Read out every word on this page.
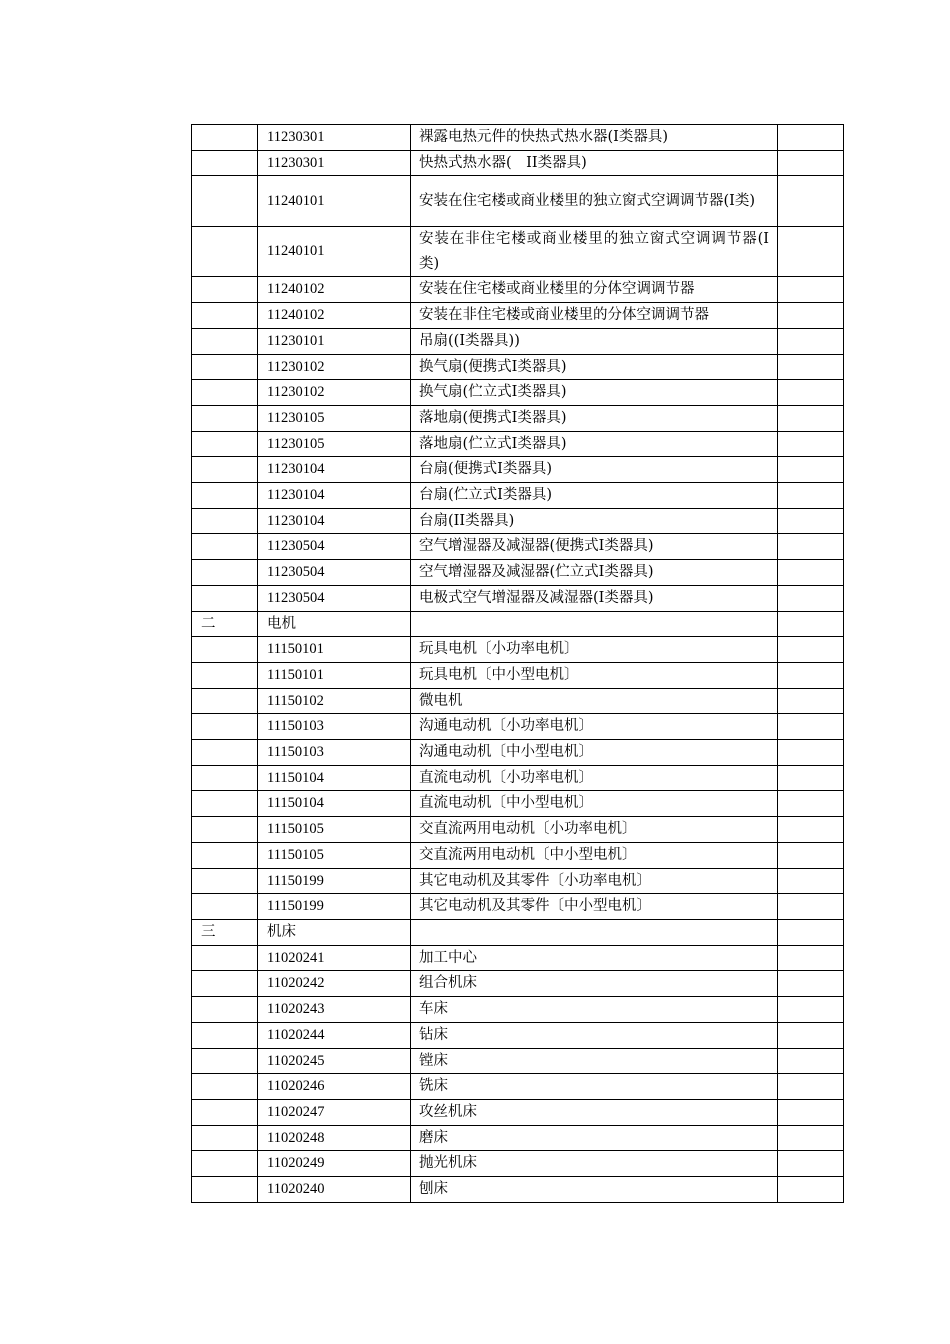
	11230301	裸露电热元件的快热式热水器(I类器具)	
	11230301	快热式热水器(　II类器具)	
	11240101	安装在住宅楼或商业楼里的独立窗式空调调节器(I类)	
	11240101	安装在非住宅楼或商业楼里的独立窗式空调调节器(I类)	
	11240102	安装在住宅楼或商业楼里的分体空调调节器	
	11240102	安装在非住宅楼或商业楼里的分体空调调节器	
	11230101	吊扇((I类器具))	
	11230102	换气扇(便携式I类器具)	
	11230102	换气扇(伫立式I类器具)	
	11230105	落地扇(便携式I类器具)	
	11230105	落地扇(伫立式I类器具)	
	11230104	台扇(便携式I类器具)	
	11230104	台扇(伫立式I类器具)	
	11230104	台扇(II类器具)	
	11230504	空气增湿器及减湿器(便携式I类器具)	
	11230504	空气增湿器及减湿器(伫立式I类器具)	
	11230504	电极式空气增湿器及减湿器(I类器具)	
二	电机		
	11150101	玩具电机〔小功率电机〕	
	11150101	玩具电机〔中小型电机〕	
	11150102	微电机	
	11150103	沟通电动机〔小功率电机〕	
	11150103	沟通电动机〔中小型电机〕	
	11150104	直流电动机〔小功率电机〕	
	11150104	直流电动机〔中小型电机〕	
	11150105	交直流两用电动机〔小功率电机〕	
	11150105	交直流两用电动机〔中小型电机〕	
	11150199	其它电动机及其零件〔小功率电机〕	
	11150199	其它电动机及其零件〔中小型电机〕	
三	机床		
	11020241	加工中心	
	11020242	组合机床	
	11020243	车床	
	11020244	钻床	
	11020245	镗床	
	11020246	铣床	
	11020247	攻丝机床	
	11020248	磨床	
	11020249	抛光机床	
	11020240	刨床	
